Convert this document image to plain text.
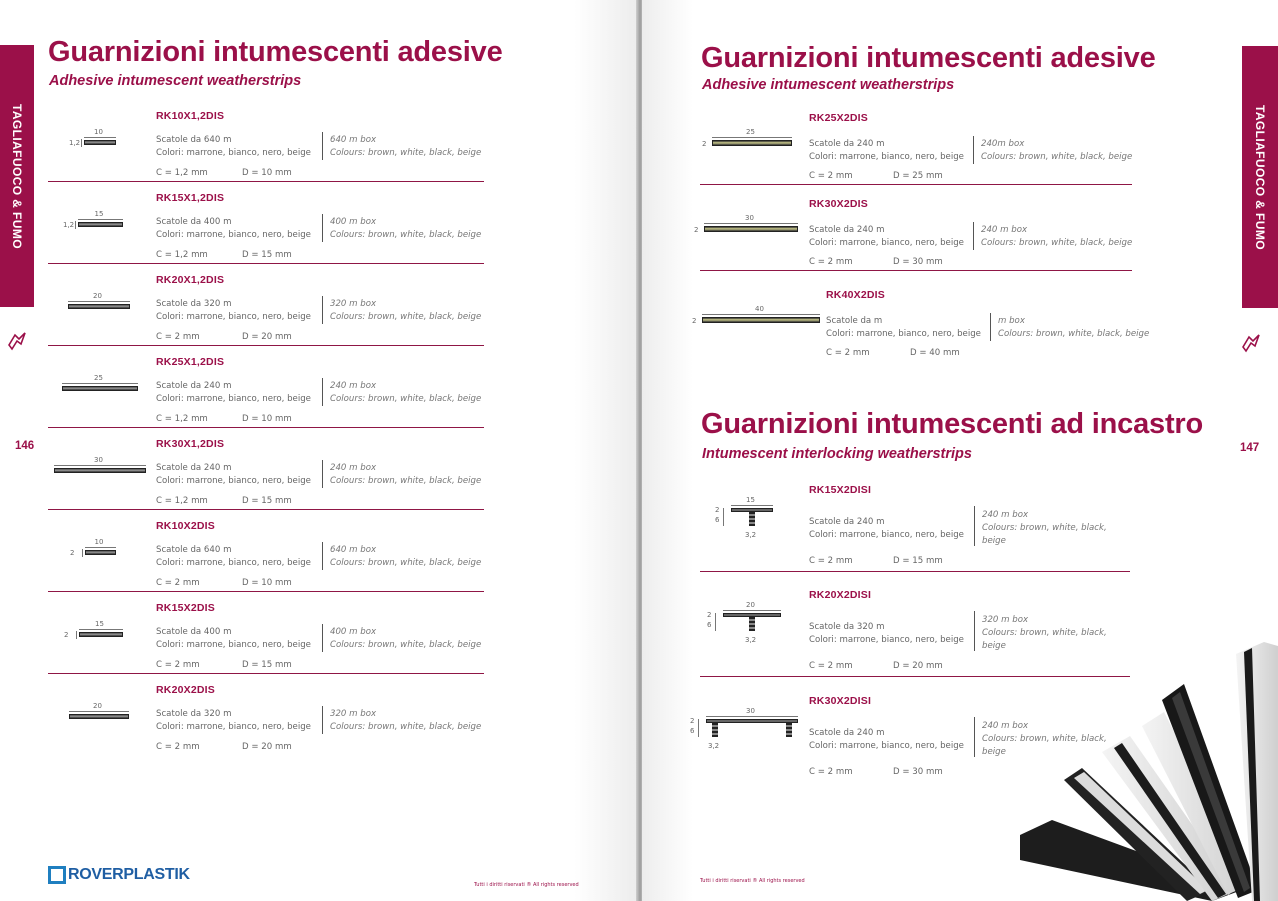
TAGLIAFUOCO & FUMO
146
Guarnizioni intumescenti adesive
Adhesive intumescent weatherstrips
RK10X1,2DIS
10
1,2	Scatole da 640 m
Colori: marrone, bianco, nero, beige
640 m box
Colours: brown, white, black, beige
C = 1,2 mm	D = 10 mm
RK15X1,2DIS
15
1,2	Scatole da 400 m
Colori: marrone, bianco, nero, beige
400 m box
Colours: brown, white, black, beige
C = 1,2 mm	D = 15 mm
RK20X1,2DIS
20
Scatole da 320 m
Colori: marrone, bianco, nero, beige
320 m box
Colours: brown, white, black, beige
C = 2 mm	D = 20 mm
RK25X1,2DIS
25
Scatole da 240 m
Colori: marrone, bianco, nero, beige
240 m box
Colours: brown, white, black, beige
C = 1,2 mm	D = 10 mm
RK30X1,2DIS
30
Scatole da 240 m
Colori: marrone, bianco, nero, beige
240 m box
Colours: brown, white, black, beige
C = 1,2 mm	D = 15 mm
RK10X2DIS
10
2	Scatole da 640 m
Colori: marrone, bianco, nero, beige
640 m box
Colours: brown, white, black, beige
C = 2 mm	D = 10 mm
RK15X2DIS
15
2	Scatole da 400 m
Colori: marrone, bianco, nero, beige
400 m box
Colours: brown, white, black, beige
C = 2 mm	D = 15 mm
RK20X2DIS
20
Scatole da 320 m
Colori: marrone, bianco, nero, beige
320 m box
Colours: brown, white, black, beige
C = 2 mm	D = 20 mm
ROVERPLASTIK
Tutti i diritti riservati ® All rights reserved
Guarnizioni intumescenti adesive
Adhesive intumescent weatherstrips
RK25X2DIS
25
2	Scatole da 240 m
Colori: marrone, bianco, nero, beige
240m box
Colours: brown, white, black, beige
C = 2 mm	D = 25 mm
RK30X2DIS
30
2	Scatole da 240 m
Colori: marrone, bianco, nero, beige
240 m box
Colours: brown, white, black, beige
C = 2 mm	D = 30 mm
RK40X2DIS
40
2	Scatole da m
Colori: marrone, bianco, nero, beige
m box
Colours: brown, white, black, beige
C = 2 mm	D = 40 mm
Guarnizioni intumescenti ad incastro
Intumescent interlocking weatherstrips
RK15X2DISI
15
2
6
3,2
Scatole da 240 m
Colori: marrone, bianco, nero, beige
240 m box
Colours: brown, white, black,
beige
C = 2 mm	D = 15 mm
RK20X2DISI
20
2
6
3,2
Scatole da 320 m
Colori: marrone, bianco, nero, beige
320 m box
Colours: brown, white, black,
beige
C = 2 mm	D = 20 mm
RK30X2DISI
30
2
6
3,2
Scatole da 240 m
Colori: marrone, bianco, nero, beige
240 m box
Colours: brown, white, black,
beige
C = 2 mm	D = 30 mm
Tutti i diritti riservati ® All rights reserved
147
TAGLIAFUOCO & FUMO
